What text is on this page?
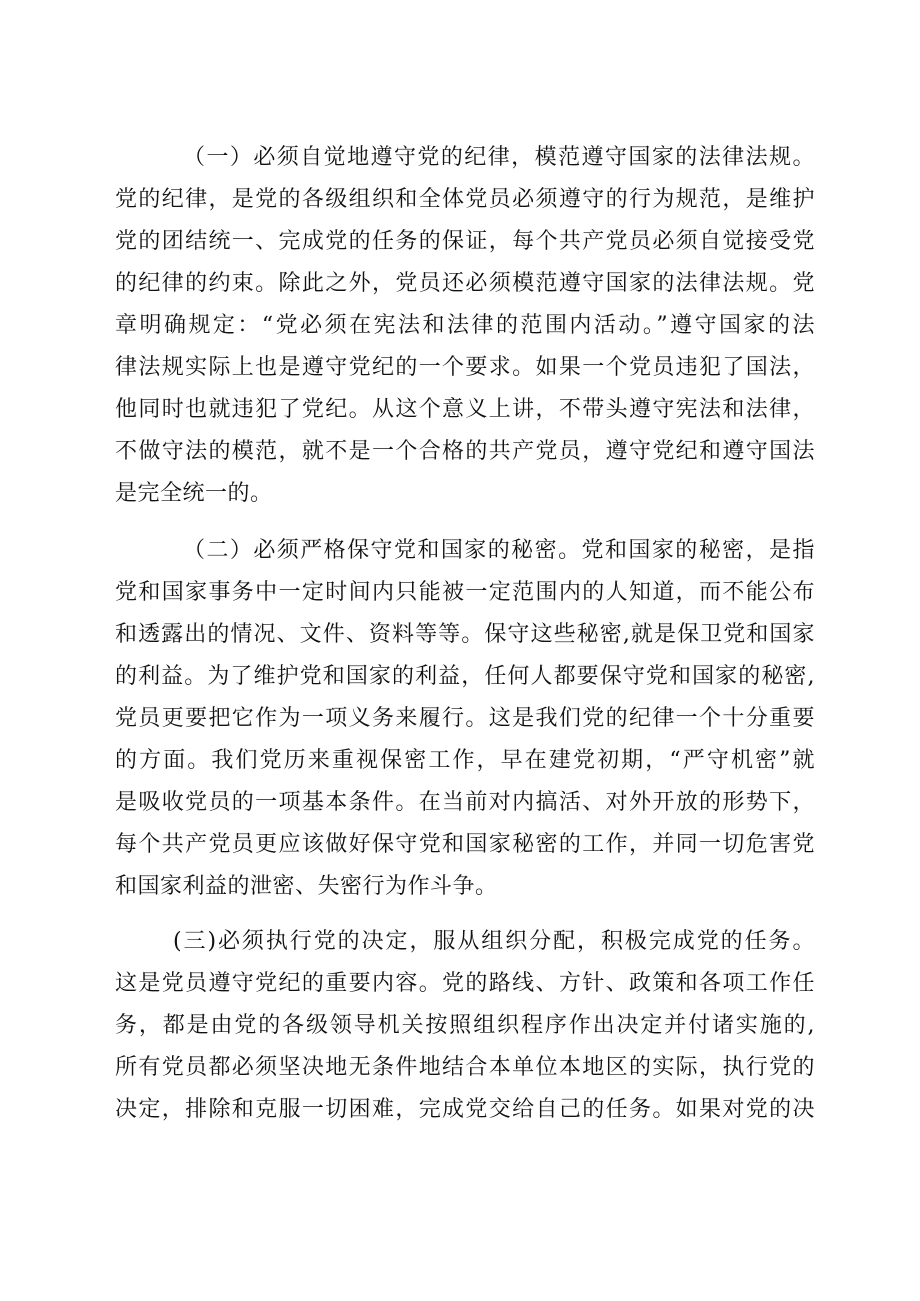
（一）必须自觉地遵守党的纪律，模范遵守国家的法律法规。
党的纪律，是党的各级组织和全体党员必须遵守的行为规范，是维护
党的团结统一、完成党的任务的保证，每个共产党员必须自觉接受党
的纪律的约束。除此之外，党员还必须模范遵守国家的法律法规。党
章明确规定：“党必须在宪法和法律的范围内活动。”遵守国家的法
律法规实际上也是遵守党纪的一个要求。如果一个党员违犯了国法，
他同时也就违犯了党纪。从这个意义上讲，不带头遵守宪法和法律，
不做守法的模范，就不是一个合格的共产党员，遵守党纪和遵守国法
是完全统一的。
（二）必须严格保守党和国家的秘密。党和国家的秘密，是指
党和国家事务中一定时间内只能被一定范围内的人知道，而不能公布
和透露出的情况、文件、资料等等。保守这些秘密,就是保卫党和国家
的利益。为了维护党和国家的利益，任何人都要保守党和国家的秘密,
党员更要把它作为一项义务来履行。这是我们党的纪律一个十分重要
的方面。我们党历来重视保密工作，早在建党初期，“严守机密”就
是吸收党员的一项基本条件。在当前对内搞活、对外开放的形势下，
每个共产党员更应该做好保守党和国家秘密的工作，并同一切危害党
和国家利益的泄密、失密行为作斗争。
(三)必须执行党的决定，服从组织分配，积极完成党的任务。
这是党员遵守党纪的重要内容。党的路线、方针、政策和各项工作任
务，都是由党的各级领导机关按照组织程序作出决定并付诸实施的,
所有党员都必须坚决地无条件地结合本单位本地区的实际，执行党的
决定，排除和克服一切困难，完成党交给自己的任务。如果对党的决
